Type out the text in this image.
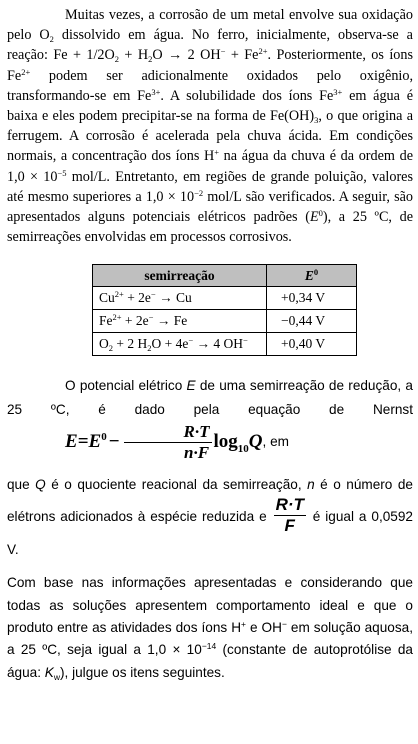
Muitas vezes, a corrosão de um metal envolve sua oxidação pelo $O_2$ dissolvido em água. No ferro, inicialmente, observa-se a reação: $Fe + 1/2O_2 + H_2O \to 2$ $OH^- + Fe^{2+}$. Posteriormente, os íons $Fe^{2+}$ podem ser adicionalmente oxidados pelo oxigênio, transformando-se em $Fe^{3+}$. A solubilidade dos íons $Fe^{3+}$ em água é baixa e eles podem precipitar-se na forma de $Fe(OH)_3$, o que origina a ferrugem. A corrosão é acelerada pela chuva ácida. Em condições normais, a concentração dos íons H+ na água da chuva é da ordem de $1,0 \times 10^{-5}$ mol/L. Entretanto, em regiões de grande poluição, valores até mesmo superiores a $1,0 \times 10^{-2}$ mol/L são verificados. A seguir, são apresentados alguns potenciais elétricos padrões $(E^0)$, a 25 ºC, de semirreações envolvidas em processos corrosivos.

semirreação	$E^0$
$Cu^{2+} + 2e^- \to Cu$	+0,34 V
$Fe^{2+} + 2e^- \to Fe$	−0,44 V
$O_2 + 2$ $H_2O + 4e^- \to 4$ OH−	+0,40 V

O potencial elétrico E de uma semirreação de redução, a 25 ºC, é dado pela equação de Nernst $E=E^0 - \frac{R\cdot T}{n\cdot F} \log_{10}Q$, em

que Q é o quociente reacional da semirreação, n é o número de elétrons adicionados à espécie reduzida e $\frac{R\cdot T}{F}$ é igual a 0,0592 V.

Com base nas informações apresentadas e considerando que todas as soluções apresentem comportamento ideal e que o produto entre as atividades dos íons H+ e OH− em solução aquosa, a 25 ºC, seja igual a $1,0 \times 10^{-14}$ (constante de autoprotólise da água: $K_w$), julgue os itens seguintes.
